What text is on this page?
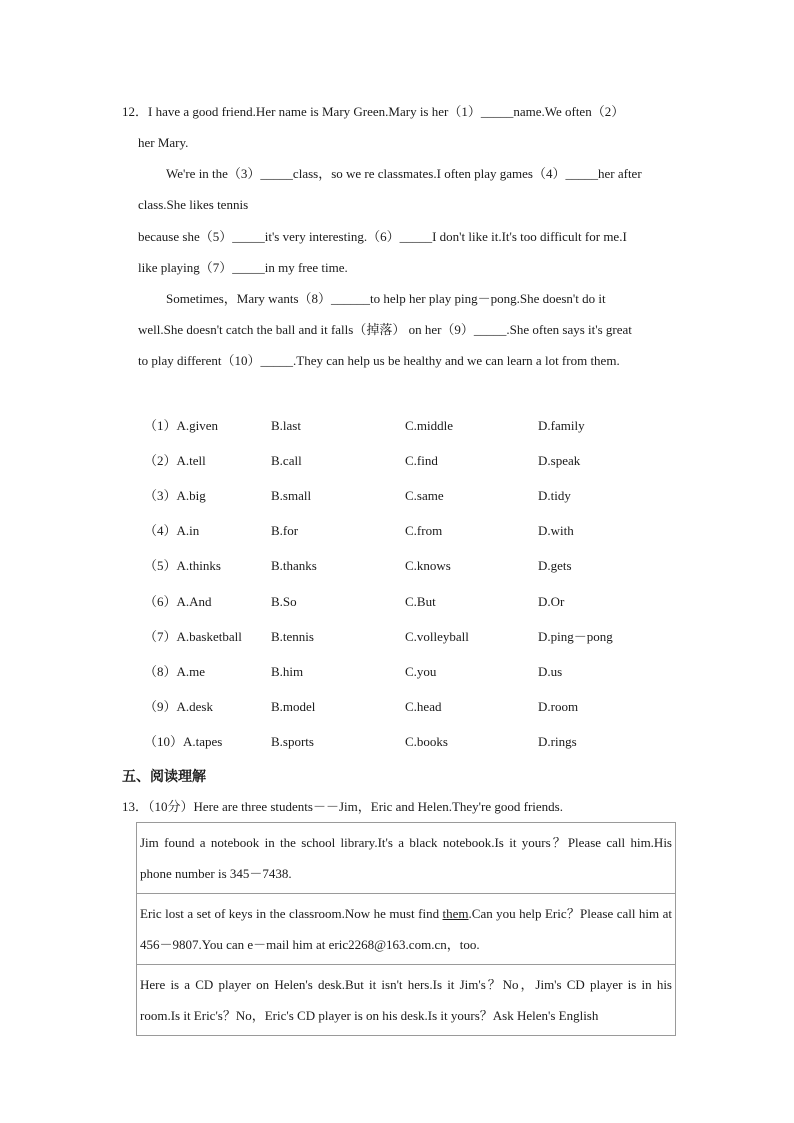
12．I have a good friend.Her name is Mary Green.Mary is her（1）_____name.We often（2）
her Mary.
We're in the（3）_____class，so we re classmates.I often play games（4）_____her after
class.She likes tennis
because she（5）_____it's very interesting.（6）_____I don't like it.It's too difficult for me.I
like playing（7）_____in my free time.
Sometimes，Mary wants（8）______to help her play ping－pong.She doesn't do it
well.She doesn't catch the ball and it falls（掉落） on her（9）_____.She often says it's great
to play different（10）_____.They can help us be healthy and we can learn a lot from them.
（1）A.given	B.last	C.middle	D.family
（2）A.tell	B.call	C.find	D.speak
（3）A.big	B.small	C.same	D.tidy
（4）A.in	B.for	C.from	D.with
（5）A.thinks	B.thanks	C.knows	D.gets
（6）A.And	B.So	C.But	D.Or
（7）A.basketball B.tennis	C.volleyball	D.ping－pong
（8）A.me	B.him	C.you	D.us
（9）A.desk	B.model	C.head	D.room
（10）A.tapes	B.sports	C.books	D.rings
五、阅读理解
13．（10分）Here are three students－－Jim，Eric and Helen.They're good friends.
Jim found a notebook in the school library.It's a black notebook.Is it yours？Please call him.His phone number is 345－7438.
Eric lost a set of keys in the classroom.Now he must find them.Can you help Eric？Please call him at 456－9807.You can e－mail him at eric2268@163.com.cn，too.
Here is a CD player on Helen's desk.But it isn't hers.Is it Jim's？No，Jim's CD player is in his room.Is it Eric's？No，Eric's CD player is on his desk.Is it yours？Ask Helen's English
